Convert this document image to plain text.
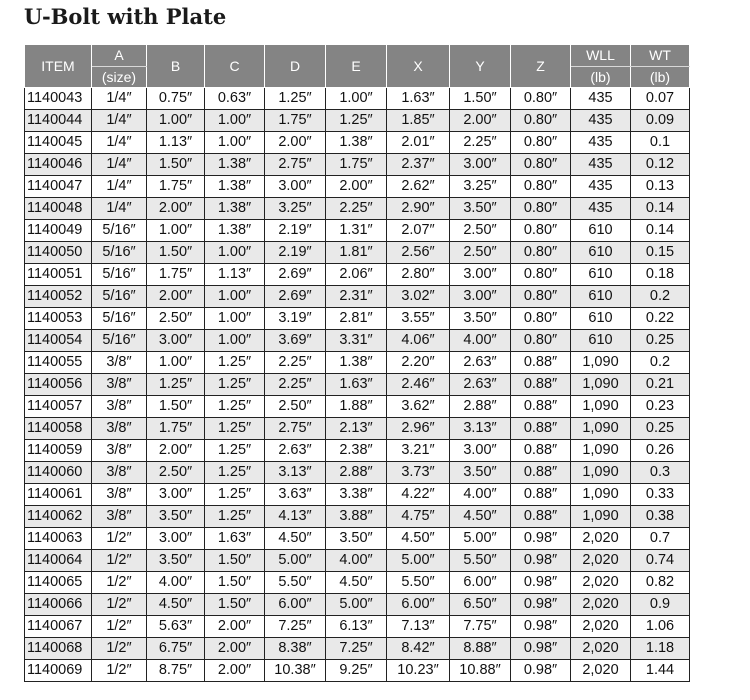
U-Bolt with Plate
ITEM	A	B	C	D	E	X	Y	Z	WLL	WT
	(size)								(lb)	(lb)
1140043	1/4″	0.75″	0.63″	1.25″	1.00″	1.63″	1.50″	0.80″	435	0.07
1140044	1/4″	1.00″	1.00″	1.75″	1.25″	1.85″	2.00″	0.80″	435	0.09
1140045	1/4″	1.13″	1.00″	2.00″	1.38″	2.01″	2.25″	0.80″	435	0.1
1140046	1/4″	1.50″	1.38″	2.75″	1.75″	2.37″	3.00″	0.80″	435	0.12
1140047	1/4″	1.75″	1.38″	3.00″	2.00″	2.62″	3.25″	0.80″	435	0.13
1140048	1/4″	2.00″	1.38″	3.25″	2.25″	2.90″	3.50″	0.80″	435	0.14
1140049	5/16″	1.00″	1.38″	2.19″	1.31″	2.07″	2.50″	0.80″	610	0.14
1140050	5/16″	1.50″	1.00″	2.19″	1.81″	2.56″	2.50″	0.80″	610	0.15
1140051	5/16″	1.75″	1.13″	2.69″	2.06″	2.80″	3.00″	0.80″	610	0.18
1140052	5/16″	2.00″	1.00″	2.69″	2.31″	3.02″	3.00″	0.80″	610	0.2
1140053	5/16″	2.50″	1.00″	3.19″	2.81″	3.55″	3.50″	0.80″	610	0.22
1140054	5/16″	3.00″	1.00″	3.69″	3.31″	4.06″	4.00″	0.80″	610	0.25
1140055	3/8″	1.00″	1.25″	2.25″	1.38″	2.20″	2.63″	0.88″	1,090	0.2
1140056	3/8″	1.25″	1.25″	2.25″	1.63″	2.46″	2.63″	0.88″	1,090	0.21
1140057	3/8″	1.50″	1.25″	2.50″	1.88″	3.62″	2.88″	0.88″	1,090	0.23
1140058	3/8″	1.75″	1.25″	2.75″	2.13″	2.96″	3.13″	0.88″	1,090	0.25
1140059	3/8″	2.00″	1.25″	2.63″	2.38″	3.21″	3.00″	0.88″	1,090	0.26
1140060	3/8″	2.50″	1.25″	3.13″	2.88″	3.73″	3.50″	0.88″	1,090	0.3
1140061	3/8″	3.00″	1.25″	3.63″	3.38″	4.22″	4.00″	0.88″	1,090	0.33
1140062	3/8″	3.50″	1.25″	4.13″	3.88″	4.75″	4.50″	0.88″	1,090	0.38
1140063	1/2″	3.00″	1.63″	4.50″	3.50″	4.50″	5.00″	0.98″	2,020	0.7
1140064	1/2″	3.50″	1.50″	5.00″	4.00″	5.00″	5.50″	0.98″	2,020	0.74
1140065	1/2″	4.00″	1.50″	5.50″	4.50″	5.50″	6.00″	0.98″	2,020	0.82
1140066	1/2″	4.50″	1.50″	6.00″	5.00″	6.00″	6.50″	0.98″	2,020	0.9
1140067	1/2″	5.63″	2.00″	7.25″	6.13″	7.13″	7.75″	0.98″	2,020	1.06
1140068	1/2″	6.75″	2.00″	8.38″	7.25″	8.42″	8.88″	0.98″	2,020	1.18
1140069	1/2″	8.75″	2.00″	10.38″	9.25″	10.23″	10.88″	0.98″	2,020	1.44
